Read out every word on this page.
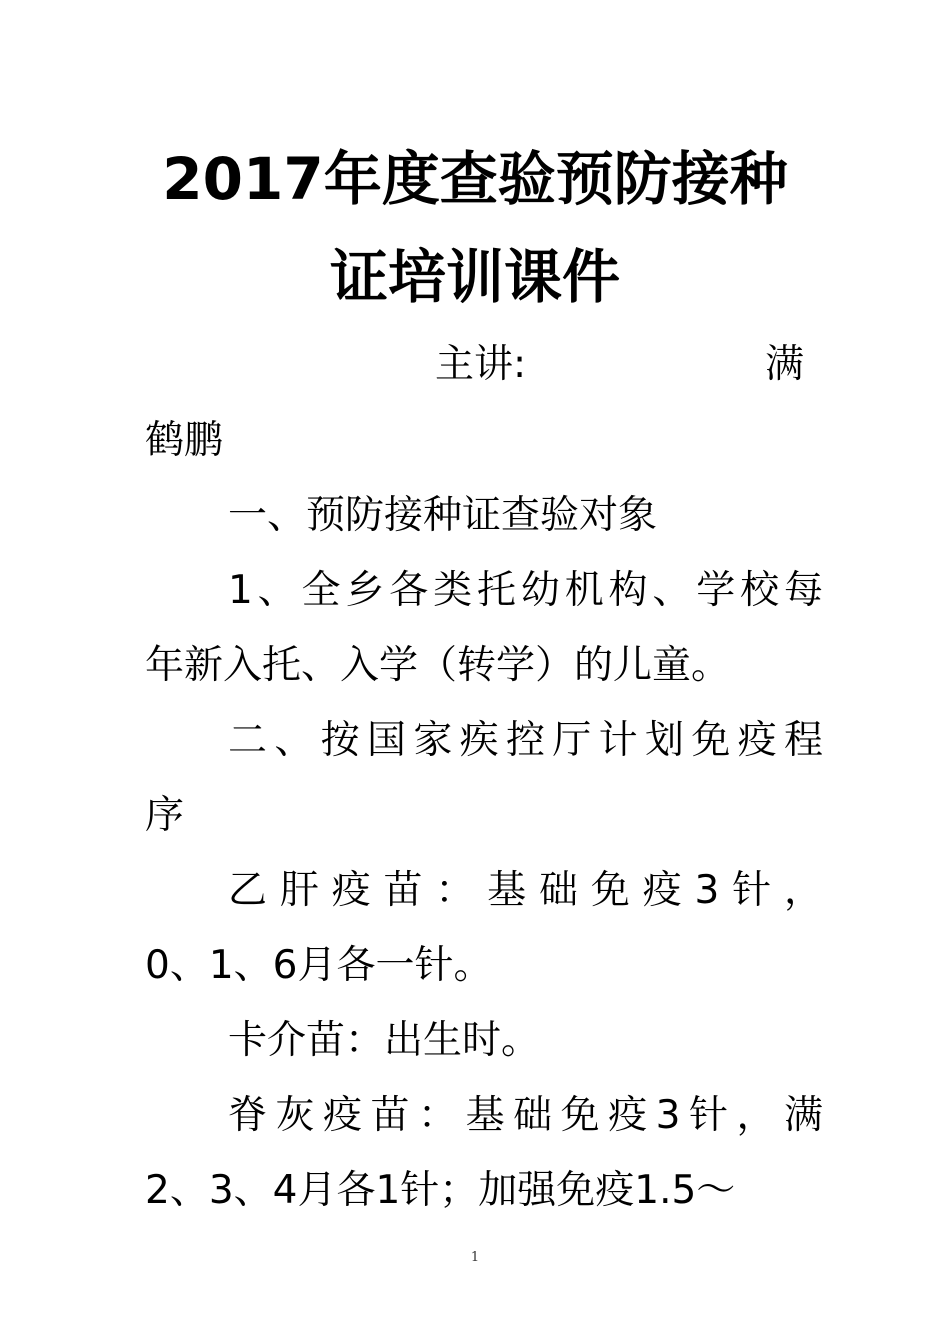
2017年度查验预防接种
证培训课件
主讲:	满
鹤鹏
一、预防接种证查验对象
1、全乡各类托幼机构、学校每
年新入托、入学（转学）的儿童。
二、按国家疾控厅计划免疫程
序
乙肝疫苗：基础免疫3针，
0、1、6月各一针。
卡介苗：出生时。
脊灰疫苗：基础免疫3针，满
2、3、4月各1针；加强免疫1.5～
1
